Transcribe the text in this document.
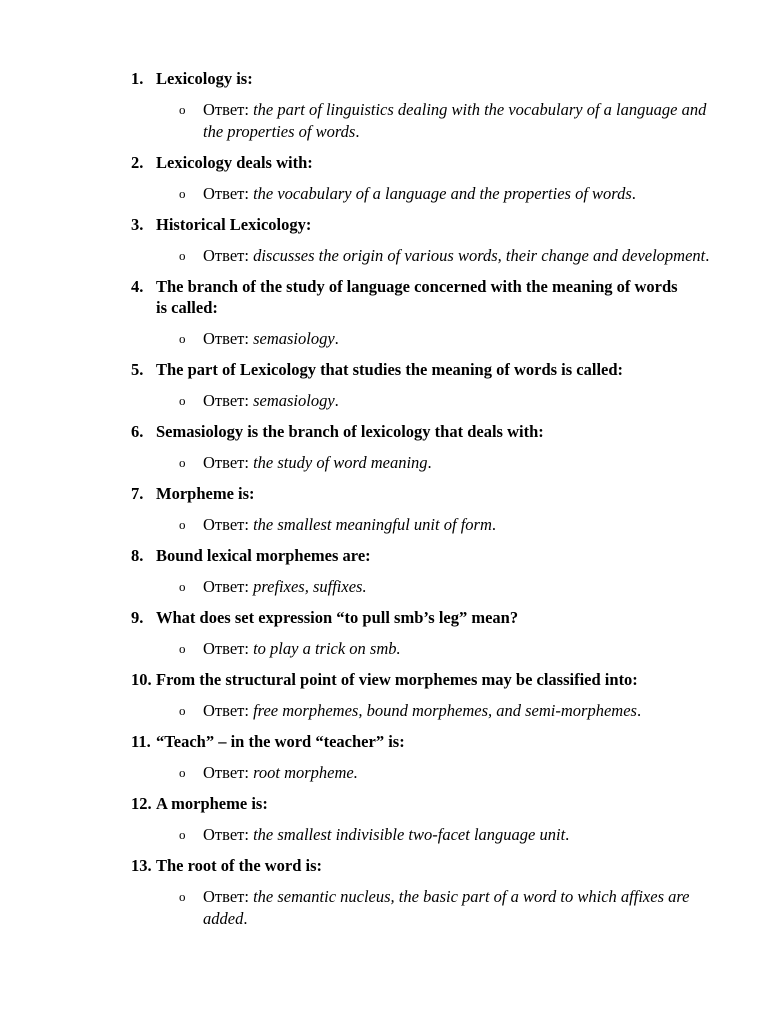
1. Lexicology is:
o Ответ: the part of linguistics dealing with the vocabulary of a language and the properties of words.
2. Lexicology deals with:
o Ответ: the vocabulary of a language and the properties of words.
3. Historical Lexicology:
o Ответ: discusses the origin of various words, their change and development.
4. The branch of the study of language concerned with the meaning of words is called:
o Ответ: semasiology.
5. The part of Lexicology that studies the meaning of words is called:
o Ответ: semasiology.
6. Semasiology is the branch of lexicology that deals with:
o Ответ: the study of word meaning.
7. Morpheme is:
o Ответ: the smallest meaningful unit of form.
8. Bound lexical morphemes are:
o Ответ: prefixes, suffixes.
9. What does set expression “to pull smb’s leg” mean?
o Ответ: to play a trick on smb.
10. From the structural point of view morphemes may be classified into:
o Ответ: free morphemes, bound morphemes, and semi-morphemes.
11. “Teach” – in the word “teacher” is:
o Ответ: root morpheme.
12. A morpheme is:
o Ответ: the smallest indivisible two-facet language unit.
13. The root of the word is:
o Ответ: the semantic nucleus, the basic part of a word to which affixes are added.
